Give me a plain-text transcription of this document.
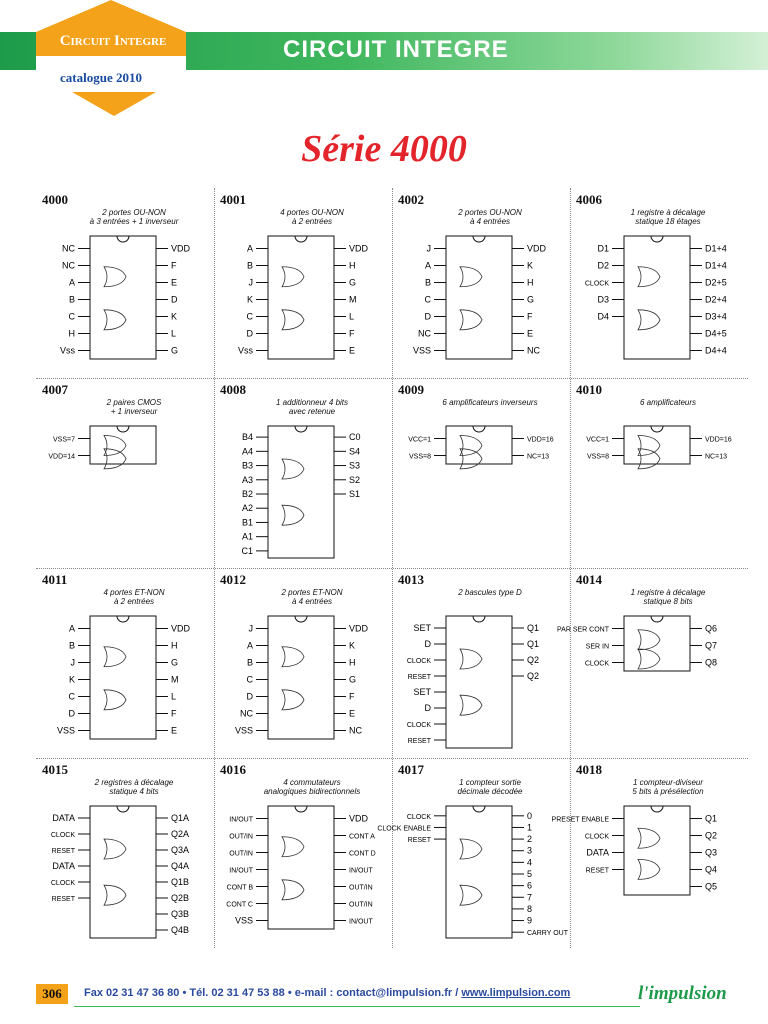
Circuit Integre	CIRCUIT INTEGRE
catalogue 2010
Série 4000
4000
2 portes OU-NON
à 3 entrées + 1 inverseur
NC
NC
A
B
C
H
Vss
VDD
F
E
D
K
L
G
4001
4 portes OU-NON
à 2 entrées
A
B
J
K
C
D
Vss
VDD
H
G
M
L
F
E
4002
2 portes OU-NON
à 4 entrées
J
A
B
C
D
NC
VSS
VDD
K
H
G
F
E
NC
4006
1 registre à décalage
statique 18 étages
D1
D2
CLOCK
D3
D4
D1+4
D1+4
D2+5
D2+4
D3+4
D4+5
D4+4
4007
2 paires CMOS
+ 1 inverseur
VSS=7
VDD=14
4008
1 additionneur 4 bits
avec retenue
B4
A4
B3
A3
B2
A2
B1
A1
C1
C0
S4
S3
S2
S1
4009
6 amplificateurs inverseurs
VCC=1
VSS=8
VDD=16
NC=13
4010
6 amplificateurs
VCC=1
VSS=8
VDD=16
NC=13
4011
4 portes ET-NON
à 2 entrées
A
B
J
K
C
D
VSS
VDD
H
G
M
L
F
E
4012
2 portes ET-NON
à 4 entrées
J
A
B
C
D
NC
VSS
VDD
K
H
G
F
E
NC
4013
2 bascules type D
SET
D
CLOCK
RESET
SET
D
CLOCK
RESET
Q1
Q1
Q2
Q2
4014
1 registre à décalage
statique 8 bits
PAR SER CONT
SER IN
CLOCK
Q6
Q7
Q8
4015
2 registres à décalage
statique 4 bits
DATA
CLOCK
RESET
DATA
CLOCK
RESET
Q1A
Q2A
Q3A
Q4A
Q1B
Q2B
Q3B
Q4B
4016
4 commutateurs
analogiques bidirectionnels
IN/OUT
OUT/IN
OUT/IN
IN/OUT
CONT B
CONT C
VSS
VDD
CONT A
CONT D
IN/OUT
OUT/IN
OUT/IN
IN/OUT
4017
1 compteur sortie
décimale décodée
CLOCK
CLOCK ENABLE
RESET
0
1
2
3
4
5
6
7
8
9
CARRY OUT
4018
1 compteur-diviseur
5 bits à présélection
PRESET ENABLE
CLOCK
DATA
RESET
Q1
Q2
Q3
Q4
Q5
306	Fax 02 31 47 36 80 • Tél. 02 31 47 53 88 • e-mail : contact@limpulsion.fr / www.limpulsion.com	l'impulsion
